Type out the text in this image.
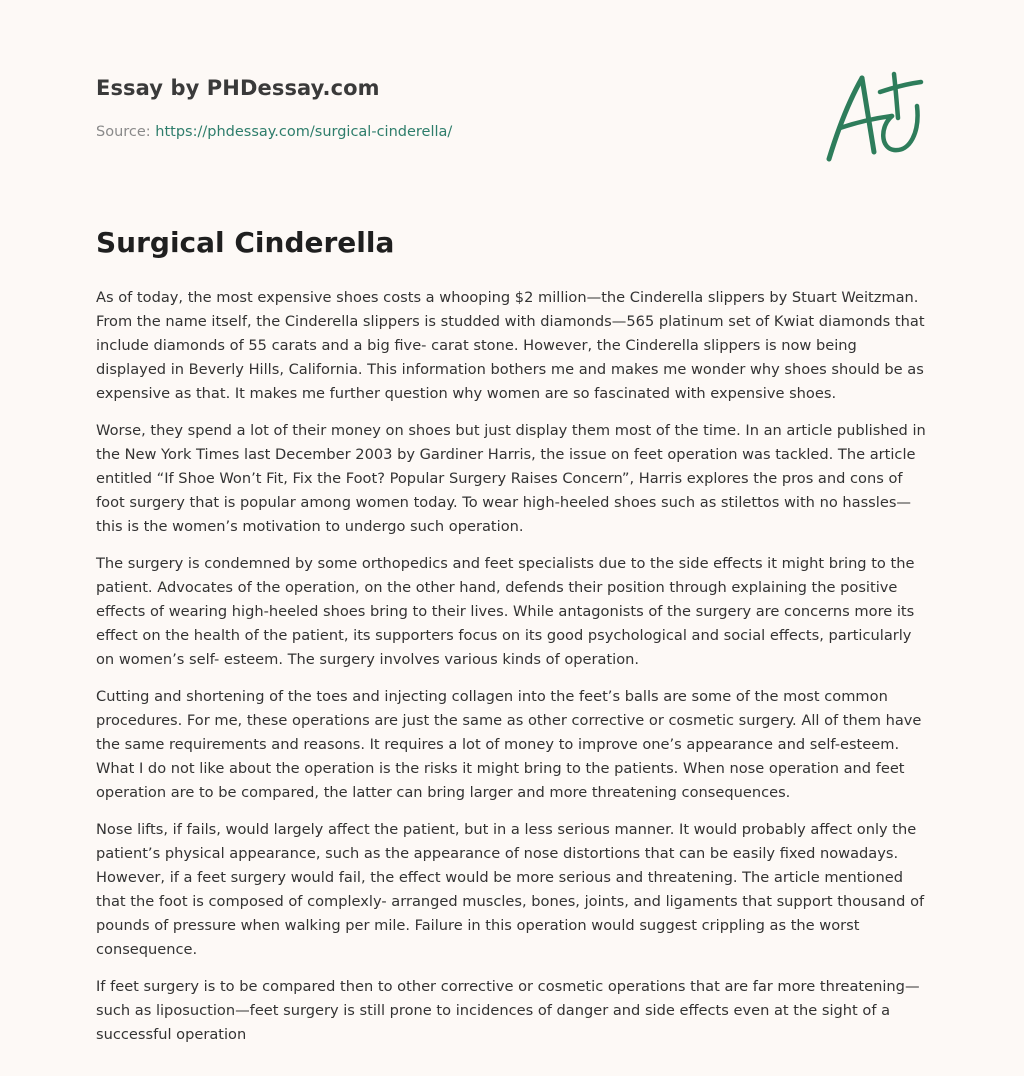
Essay by PHDessay.com

Source: https://phdessay.com/surgical-cinderella/

Surgical Cinderella

As of today, the most expensive shoes costs a whooping $2 million—the Cinderella slippers by Stuart Weitzman. From the name itself, the Cinderella slippers is studded with diamonds—565 platinum set of Kwiat diamonds that include diamonds of 55 carats and a big five- carat stone. However, the Cinderella slippers is now being displayed in Beverly Hills, California. This information bothers me and makes me wonder why shoes should be as expensive as that. It makes me further question why women are so fascinated with expensive shoes.

Worse, they spend a lot of their money on shoes but just display them most of the time. In an article published in the New York Times last December 2003 by Gardiner Harris, the issue on feet operation was tackled. The article entitled “If Shoe Won’t Fit, Fix the Foot? Popular Surgery Raises Concern”, Harris explores the pros and cons of foot surgery that is popular among women today. To wear high-heeled shoes such as stilettos with no hassles—this is the women’s motivation to undergo such operation.

The surgery is condemned by some orthopedics and feet specialists due to the side effects it might bring to the patient. Advocates of the operation, on the other hand, defends their position through explaining the positive effects of wearing high-heeled shoes bring to their lives. While antagonists of the surgery are concerns more its effect on the health of the patient, its supporters focus on its good psychological and social effects, particularly on women’s self- esteem. The surgery involves various kinds of operation.

Cutting and shortening of the toes and injecting collagen into the feet’s balls are some of the most common procedures. For me, these operations are just the same as other corrective or cosmetic surgery. All of them have the same requirements and reasons. It requires a lot of money to improve one’s appearance and self-esteem. What I do not like about the operation is the risks it might bring to the patients. When nose operation and feet operation are to be compared, the latter can bring larger and more threatening consequences.

Nose lifts, if fails, would largely affect the patient, but in a less serious manner. It would probably affect only the patient’s physical appearance, such as the appearance of nose distortions that can be easily fixed nowadays. However, if a feet surgery would fail, the effect would be more serious and threatening. The article mentioned that the foot is composed of complexly- arranged muscles, bones, joints, and ligaments that support thousand of pounds of pressure when walking per mile. Failure in this operation would suggest crippling as the worst consequence.

If feet surgery is to be compared then to other corrective or cosmetic operations that are far more threatening—such as liposuction—feet surgery is still prone to incidences of danger and side effects even at the sight of a successful operation
